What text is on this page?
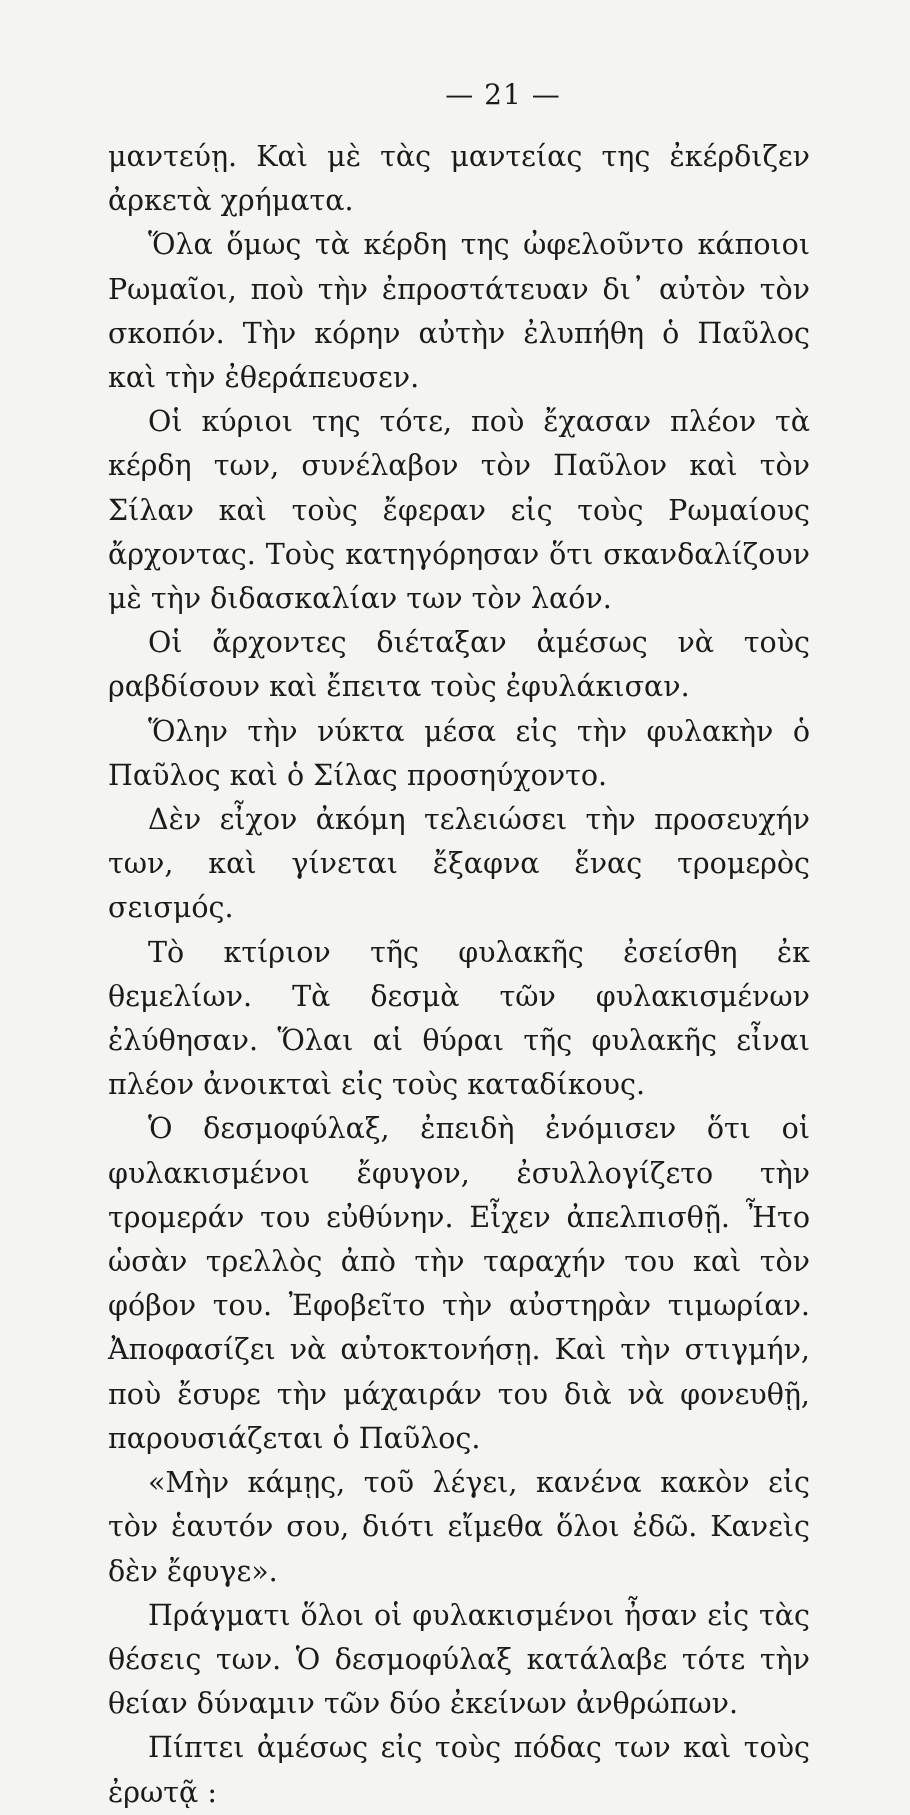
— 21 —

μαντεύῃ. Καὶ μὲ τὰς μαντείας της ἐκέρδιζεν ἀρκετὰ χρήματα.

Ὅλα ὅμως τὰ κέρδη της ὠφελοῦντο κάποιοι Ρωμαῖοι, ποὺ τὴν ἐπροστάτευαν δι᾽ αὐτὸν τὸν σκοπόν. Τὴν κόρην αὐτὴν ἐλυπήθη ὁ Παῦλος καὶ τὴν ἐθεράπευσεν.

Οἱ κύριοι της τότε, ποὺ ἔχασαν πλέον τὰ κέρδη των, συνέλαβον τὸν Παῦλον καὶ τὸν Σίλαν καὶ τοὺς ἔφεραν εἰς τοὺς Ρωμαίους ἄρχοντας. Τοὺς κατηγόρησαν ὅτι σκανδαλίζουν μὲ τὴν διδασκαλίαν των τὸν λαόν.

Οἱ ἄρχοντες διέταξαν ἀμέσως νὰ τοὺς ραβδίσουν καὶ ἔπειτα τοὺς ἐφυλάκισαν.

Ὅλην τὴν νύκτα μέσα εἰς τὴν φυλακὴν ὁ Παῦλος καὶ ὁ Σίλας προσηύχοντο.

Δὲν εἶχον ἀκόμη τελειώσει τὴν προσευχήν των, καὶ γίνεται ἔξαφνα ἕνας τρομερὸς σεισμός.

Τὸ κτίριον τῆς φυλακῆς ἐσείσθη ἐκ θεμελίων. Τὰ δεσμὰ τῶν φυλακισμένων ἐλύθησαν. Ὅλαι αἱ θύραι τῆς φυλακῆς εἶναι πλέον ἀνοικταὶ εἰς τοὺς καταδίκους.

Ὁ δεσμοφύλαξ, ἐπειδὴ ἐνόμισεν ὅτι οἱ φυλακισμένοι ἔφυγον, ἐσυλλογίζετο τὴν τρομεράν του εὐθύνην. Εἶχεν ἀπελπισθῇ. Ἦτο ὡσὰν τρελλὸς ἀπὸ τὴν ταραχήν του καὶ τὸν φόβον του. Ἐφοβεῖτο τὴν αὐστηρὰν τιμωρίαν. Ἀποφασίζει νὰ αὐτοκτονήσῃ. Καὶ τὴν στιγμήν, ποὺ ἔσυρε τὴν μάχαιράν του διὰ νὰ φονευθῇ, παρουσιάζεται ὁ Παῦλος.

«Μὴν κάμῃς, τοῦ λέγει, κανένα κακὸν εἰς τὸν ἑαυτόν σου, διότι εἴμεθα ὅλοι ἐδῶ. Κανεὶς δὲν ἔφυγε».

Πράγματι ὅλοι οἱ φυλακισμένοι ἦσαν εἰς τὰς θέσεις των. Ὁ δεσμοφύλαξ κατάλαβε τότε τὴν θείαν δύναμιν τῶν δύο ἐκείνων ἀνθρώπων.

Πίπτει ἀμέσως εἰς τοὺς πόδας των καὶ τοὺς ἐρωτᾷ :
